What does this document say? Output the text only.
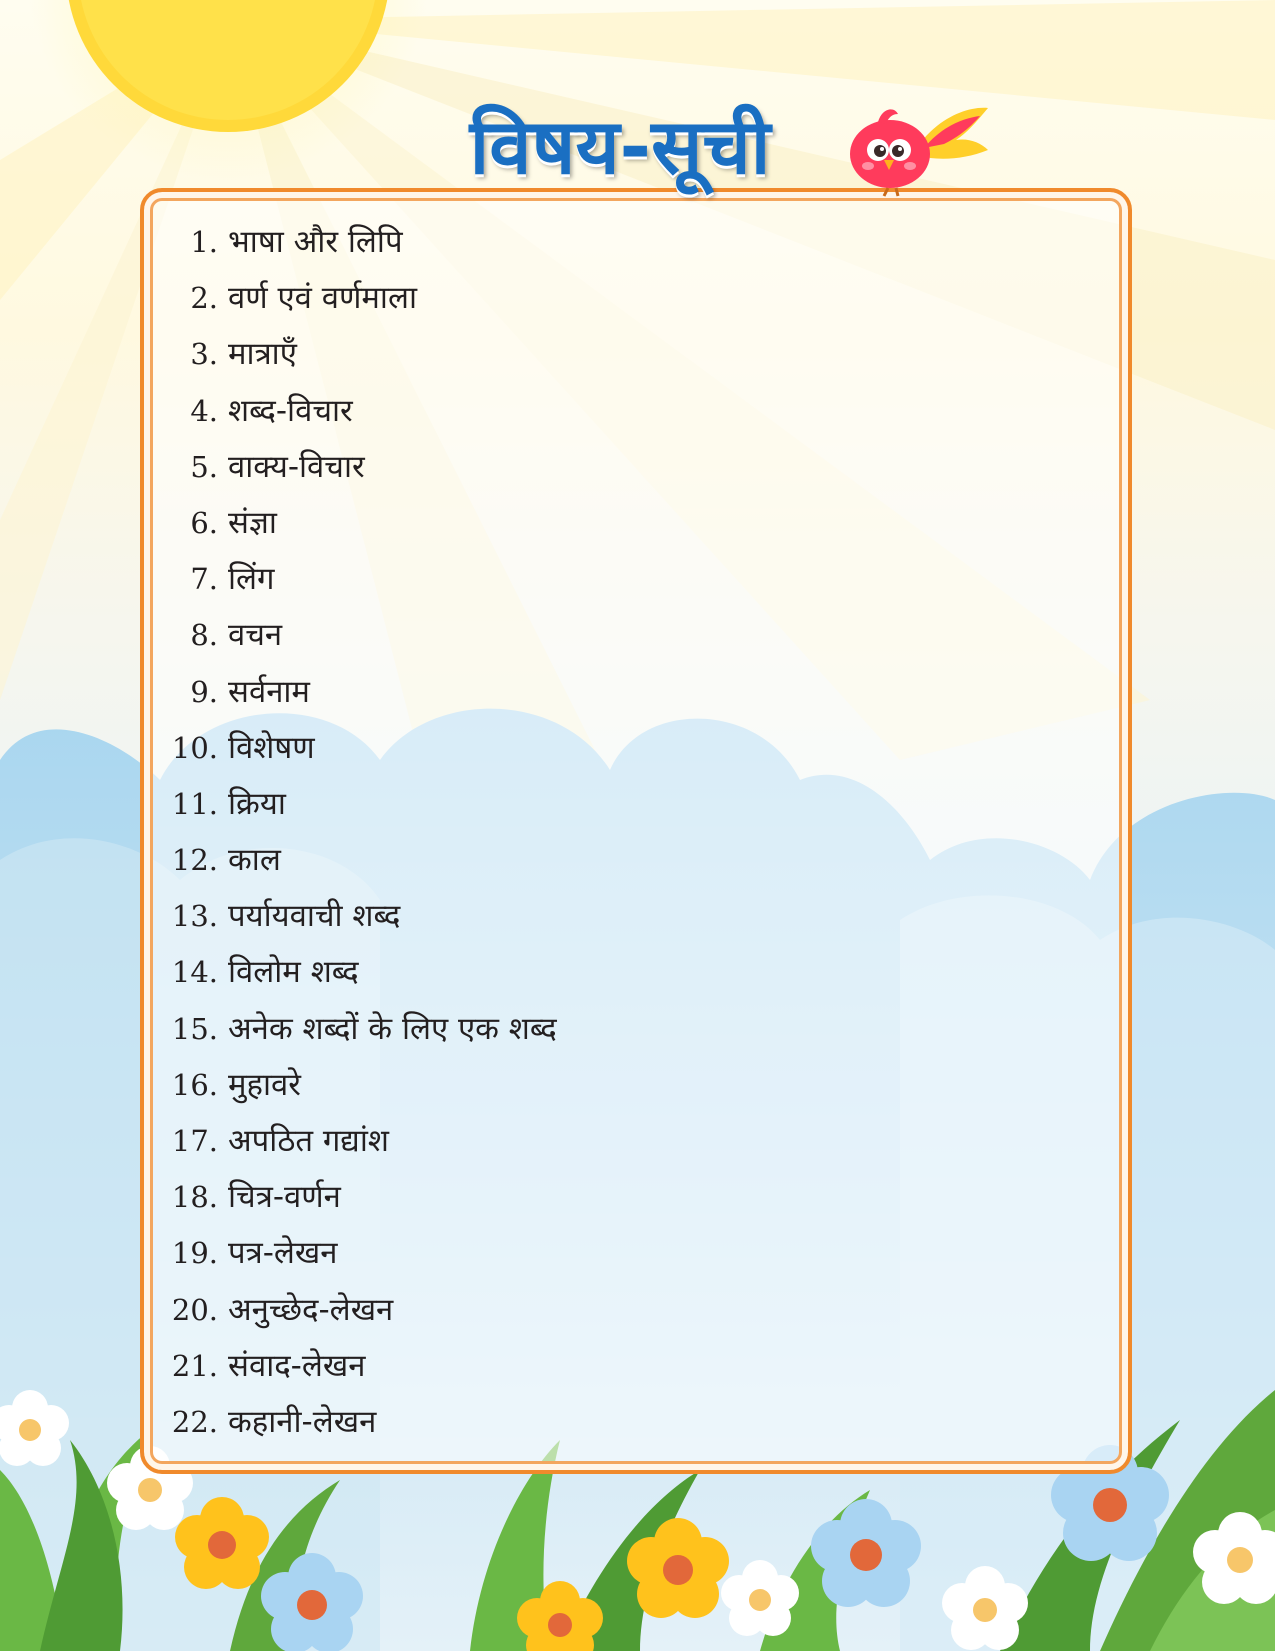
विषय-सूची
1. भाषा और लिपि
2. वर्ण एवं वर्णमाला
3. मात्राएँ
4. शब्द-विचार
5. वाक्य-विचार
6. संज्ञा
7. लिंग
8. वचन
9. सर्वनाम
10. विशेषण
11. क्रिया
12. काल
13. पर्यायवाची शब्द
14. विलोम शब्द
15. अनेक शब्दों के लिए एक शब्द
16. मुहावरे
17. अपठित गद्यांश
18. चित्र-वर्णन
19. पत्र-लेखन
20. अनुच्छेद-लेखन
21. संवाद-लेखन
22. कहानी-लेखन
